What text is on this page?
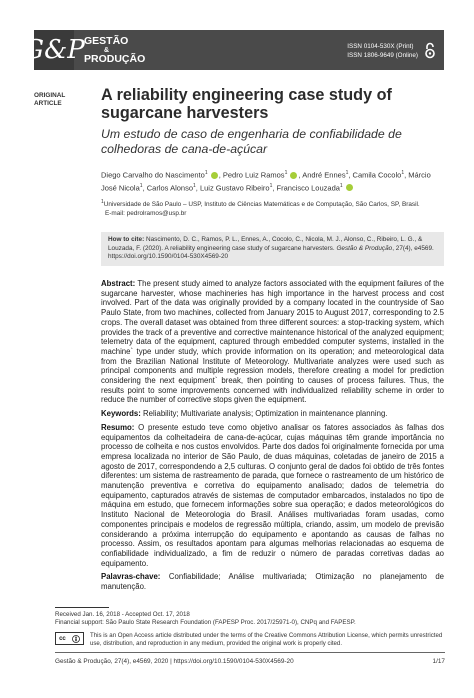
G&P GESTÃO
&
PRODUÇÃO
ISSN 0104-530X (Print)
ISSN 1806-9649 (Online)
ORIGINAL
ARTICLE A reliability engineering case study of sugarcane harvesters

Um estudo de caso de engenharia de confiabilidade de colhedoras de cana-de-açúcar

Diego Carvalho do Nascimento$^1$ , Pedro Luiz Ramos$^1$ , André Ennes$^1$, Camila Cocolo$^1$, Márcio José Nicola$^1$, Carlos Alonso$^1$, Luiz Gustavo Ribeiro$^1$, Francisco Louzada$^1$
$^1$Universidade de São Paulo – USP, Instituto de Ciências Matemáticas e de Computação, São Carlos, SP, Brasil.
E-mail: pedrolramos@usp.br
How to cite: Nascimento, D. C., Ramos, P. L., Ennes, A., Cocolo, C., Nicola, M. J., Alonso, C., Ribeiro, L. G., & Louzada, F. (2020). A reliability engineering case study of sugarcane harvesters. Gestão & Produção, 27(4), e4569. https://doi.org/10.1590/0104-530X4569-20

Abstract: The present study aimed to analyze factors associated with the equipment failures of the sugarcane harvester, whose machineries has high importance in the harvest process and cost involved. Part of the data was originally provided by a company located in the countryside of Sao Paulo State, from two machines, collected from January 2015 to August 2017, corresponding to 2.5 crops. The overall dataset was obtained from three different sources: a stop-tracking system, which provides the track of a preventive and corrective maintenance historical of the analyzed equipment; telemetry data of the equipment, captured through embedded computer systems, installed in the machine` type under study, which provide information on its operation; and meteorological data from the Brazilian National Institute of Meteorology. Multivariate analyzes were used such as principal components and multiple regression models, therefore creating a model for prediction considering the next equipment` break, then pointing to causes of process failures. Thus, the results point to some improvements concerned with individualized reliability scheme in order to reduce the number of corrective stops given the equipment.

Keywords: Reliability; Multivariate analysis; Optimization in maintenance planning.

Resumo: O presente estudo teve como objetivo analisar os fatores associados às falhas dos equipamentos da colheitadeira de cana-de-açúcar, cujas máquinas têm grande importância no processo de colheita e nos custos envolvidos. Parte dos dados foi originalmente fornecida por uma empresa localizada no interior de São Paulo, de duas máquinas, coletadas de janeiro de 2015 a agosto de 2017, correspondendo a 2,5 culturas. O conjunto geral de dados foi obtido de três fontes diferentes: um sistema de rastreamento de parada, que fornece o rastreamento de um histórico de manutenção preventiva e corretiva do equipamento analisado; dados de telemetria do equipamento, capturados através de sistemas de computador embarcados, instalados no tipo de máquina em estudo, que fornecem informações sobre sua operação; e dados meteorológicos do Instituto Nacional de Meteorologia do Brasil. Análises multivariadas foram usadas, como componentes principais e modelos de regressão múltipla, criando, assim, um modelo de previsão considerando a próxima interrupção do equipamento e apontando as causas de falhas no processo. Assim, os resultados apontam para algumas melhorias relacionadas ao esquema de confiabilidade individualizado, a fim de reduzir o número de paradas corretivas dadas ao equipamento.

Palavras-chave: Confiabilidade; Análise multivariada; Otimização no planejamento de manutenção.

Received Jan. 16, 2018 - Accepted Oct. 17, 2018
Financial support: São Paulo State Research Foundation (FAPESP Proc. 2017/25971-0), CNPq and FAPESP.
cc	This is an Open Access article distributed under the terms of the Creative Commons Attribution License, which permits unrestricted use, distribution, and reproduction in any medium, provided the original work is properly cited.
Gestão & Produção, 27(4), e4569, 2020 | https://doi.org/10.1590/0104-530X4569-20	1/17
